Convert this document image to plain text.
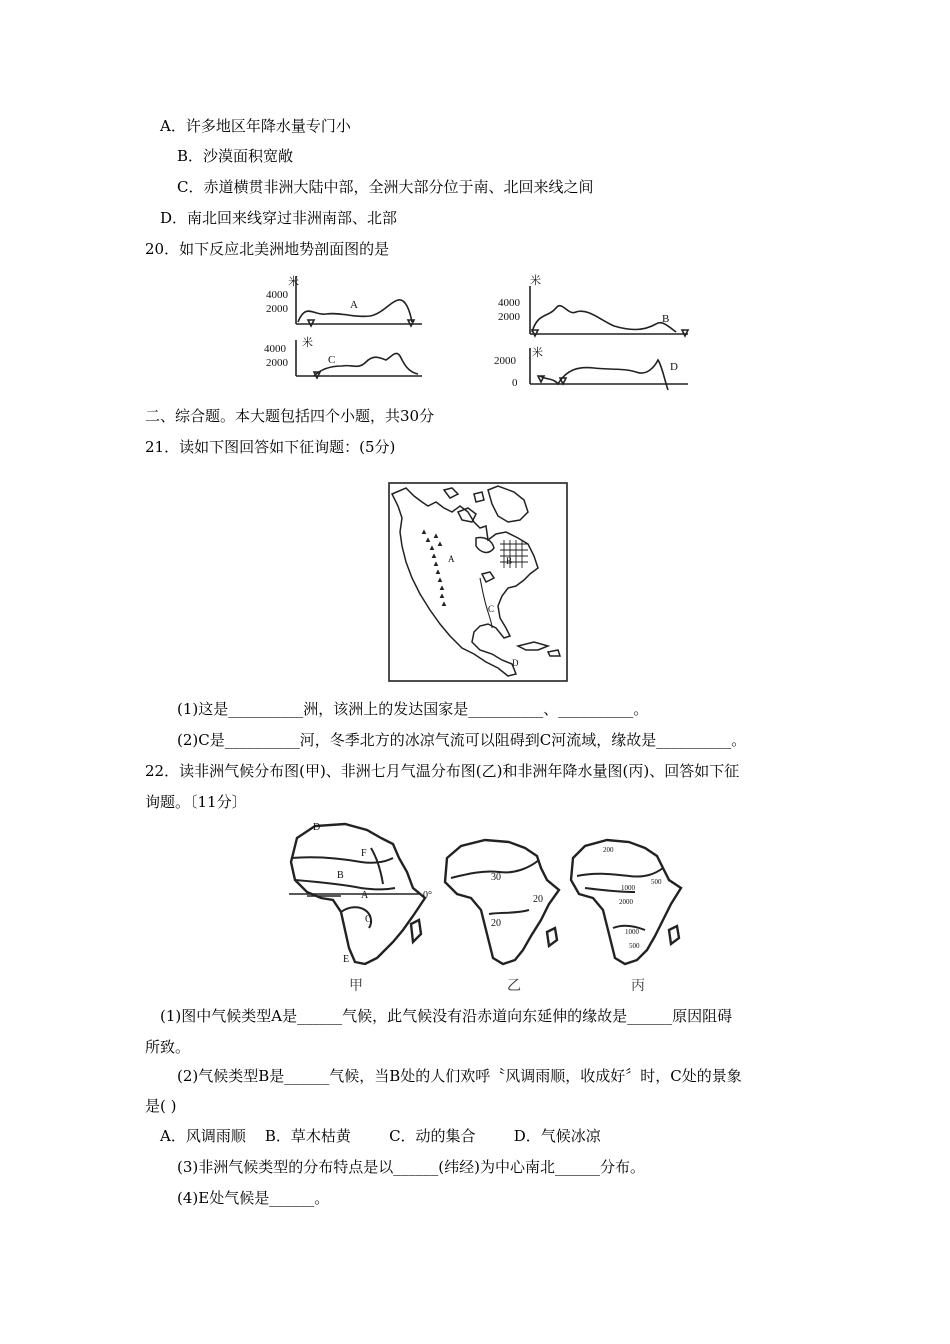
A．许多地区年降水量专门小
B．沙漠面积宽敞
C．赤道横贯非洲大陆中部，全洲大部分位于南、北回来线之间
D．南北回来线穿过非洲南部、北部
20．如下反应北美洲地势剖面图的是
米
4000
2000	A
米
4000
2000	C
米
4000
2000	B
米
2000
0
D
二、综合题。本大题包括四个小题，共30分
21．读如下图回答如下征询题：(5分)
▲
▲
▲
▲
▲
▲
▲
▲
▲
▲
▲
▲
A	B
C
D
(1)这是__________洲，该洲上的发达国家是__________、__________。
(2)C是__________河，冬季北方的冰凉气流可以阻碍到C河流域，缘故是__________。
22．读非洲气候分布图(甲)、非洲七月气温分布图(乙)和非洲年降水量图(丙)、回答如下征
询题。〔11分〕
D
F
B
A	0°
C
E
30
20
20
200
1000
500
2000
1000
500
甲	乙	丙
(1)图中气候类型A是______气候，此气候没有沿赤道向东延伸的缘故是______原因阻碍
所致。
(2)气候类型B是______气候，当B处的人们欢呼〝风调雨顺，收成好〞时，C处的景象
是( )
A．风调雨顺    B．草木枯黄        C．动的集合        D．气候冰凉
(3)非洲气候类型的分布特点是以______(纬经)为中心南北______分布。
(4)E处气候是______。
